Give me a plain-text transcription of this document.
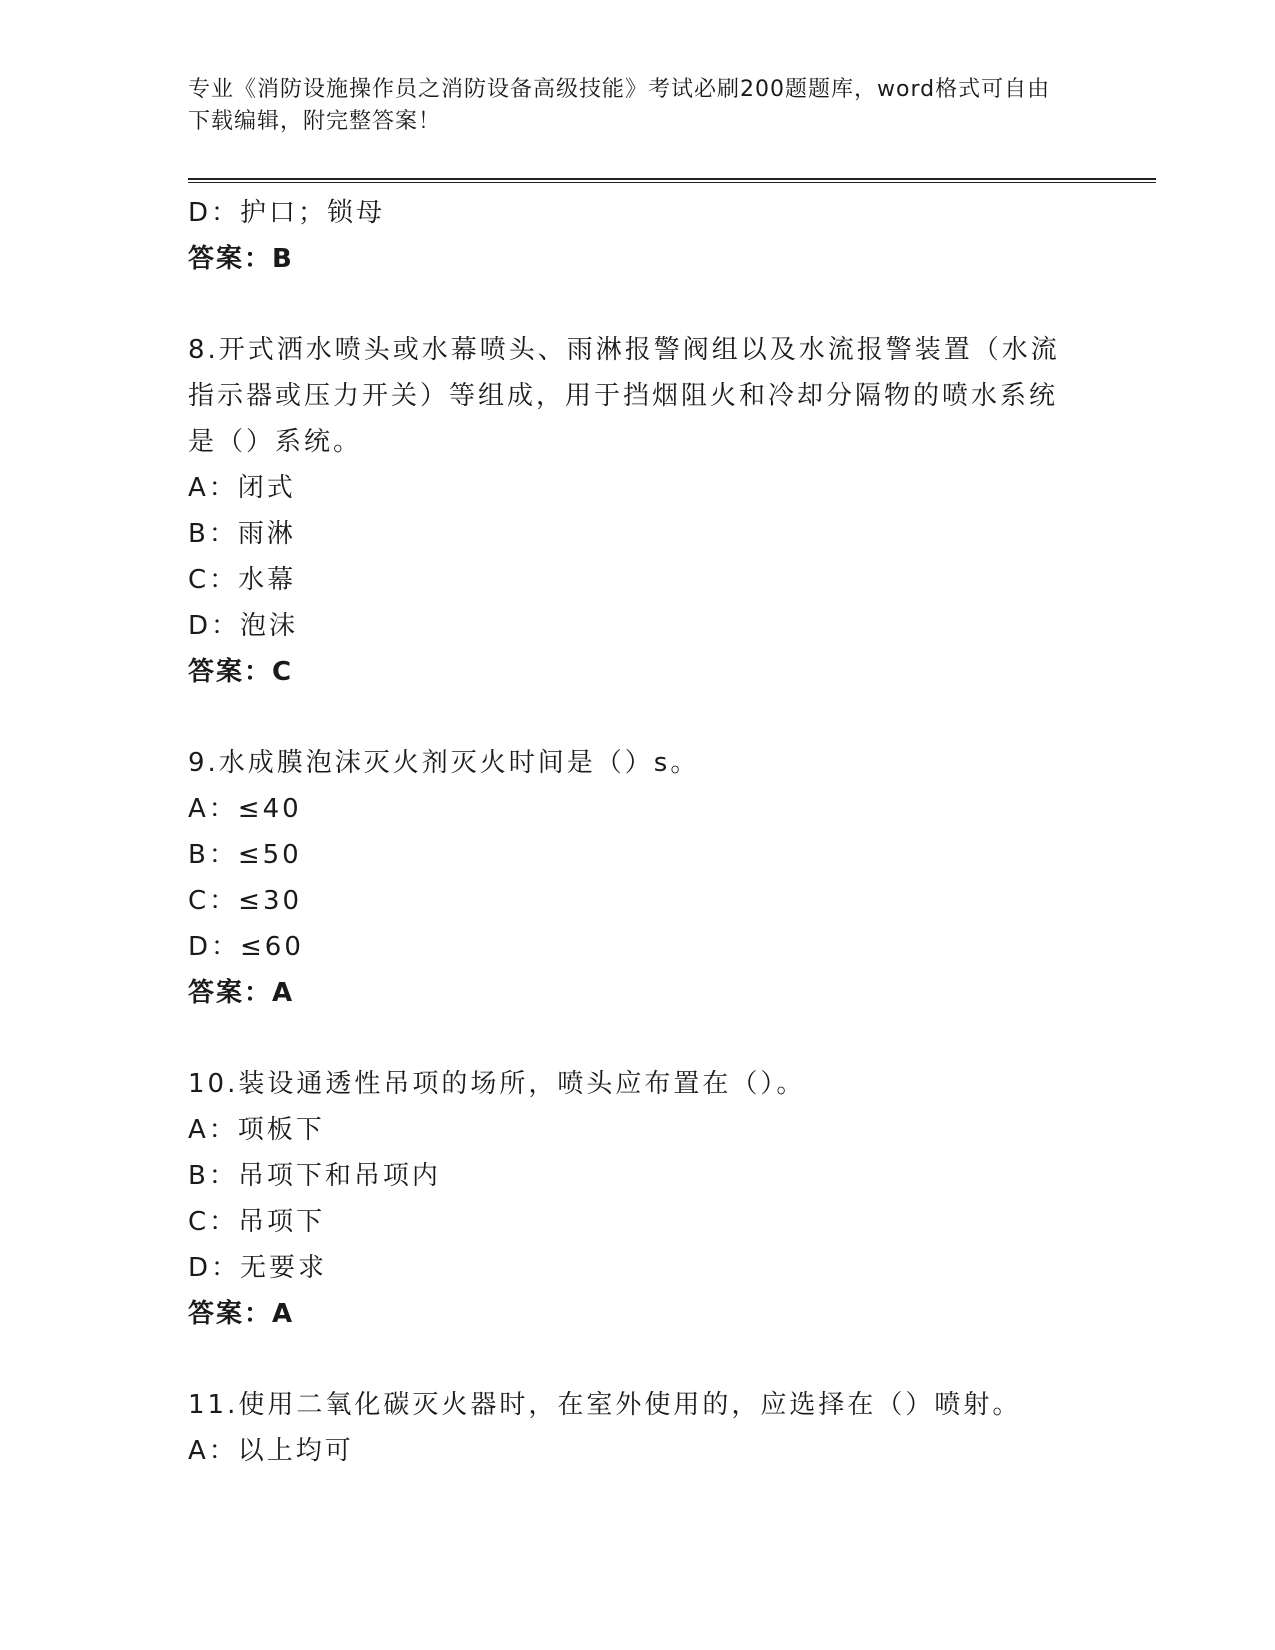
专业《消防设施操作员之消防设备高级技能》考试必刷200题题库，word格式可自由下载编辑，附完整答案！
D：护口；锁母
答案：B
8.开式洒水喷头或水幕喷头、雨淋报警阀组以及水流报警装置（水流指示器或压力开关）等组成，用于挡烟阻火和冷却分隔物的喷水系统是（）系统。
A：闭式
B：雨淋
C：水幕
D：泡沫
答案：C
9.水成膜泡沫灭火剂灭火时间是（）s。
A：≤40
B：≤50
C：≤30
D：≤60
答案：A
10.装设通透性吊项的场所，喷头应布置在（）。
A：项板下
B：吊项下和吊项内
C：吊项下
D：无要求
答案：A
11.使用二氧化碳灭火器时，在室外使用的，应选择在（）喷射。
A：以上均可
